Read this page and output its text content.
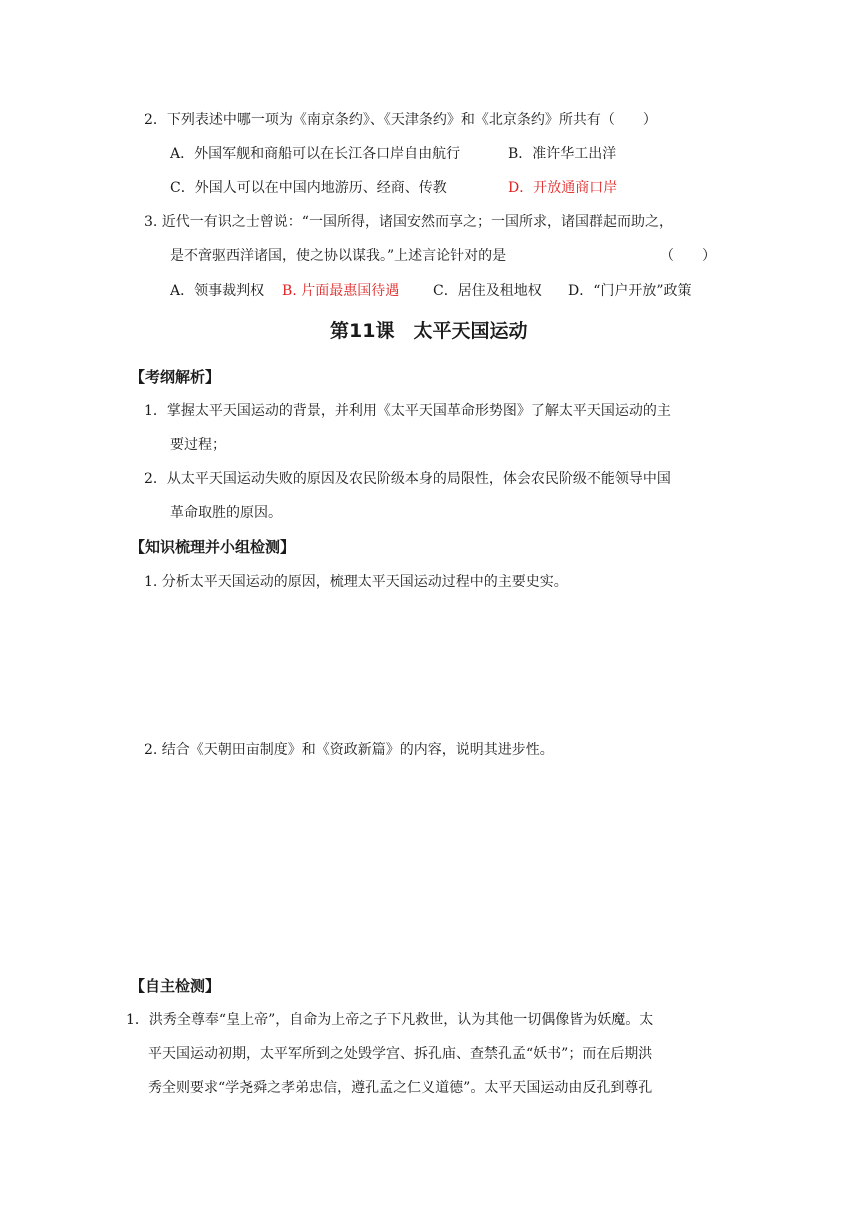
2．下列表述中哪一项为《南京条约》、《天津条约》和《北京条约》所共有（　　）
A．外国军舰和商船可以在长江各口岸自由航行	B．准许华工出洋
C．外国人可以在中国内地游历、经商、传教	D．开放通商口岸
3. 近代一有识之士曾说：“一国所得，诸国安然而享之；一国所求，诸国群起而助之，
是不啻驱西洋诸国，使之协以谋我。”上述言论针对的是	（　　）
A．领事裁判权 B. 片面最惠国待遇 C．居住及租地权 D．“门户开放”政策
第11课　太平天国运动
【考纲解析】
1．掌握太平天国运动的背景，并利用《太平天国革命形势图》了解太平天国运动的主
要过程；
2．从太平天国运动失败的原因及农民阶级本身的局限性，体会农民阶级不能领导中国
革命取胜的原因。
【知识梳理并小组检测】
1. 分析太平天国运动的原因，梳理太平天国运动过程中的主要史实。
2. 结合《天朝田亩制度》和《资政新篇》的内容，说明其进步性。
【自主检测】
1．洪秀全尊奉“皇上帝”，自命为上帝之子下凡救世，认为其他一切偶像皆为妖魔。太
平天国运动初期，太平军所到之处毁学宫、拆孔庙、查禁孔孟“妖书”；而在后期洪
秀全则要求“学尧舜之孝弟忠信，遵孔孟之仁义道德”。太平天国运动由反孔到尊孔
